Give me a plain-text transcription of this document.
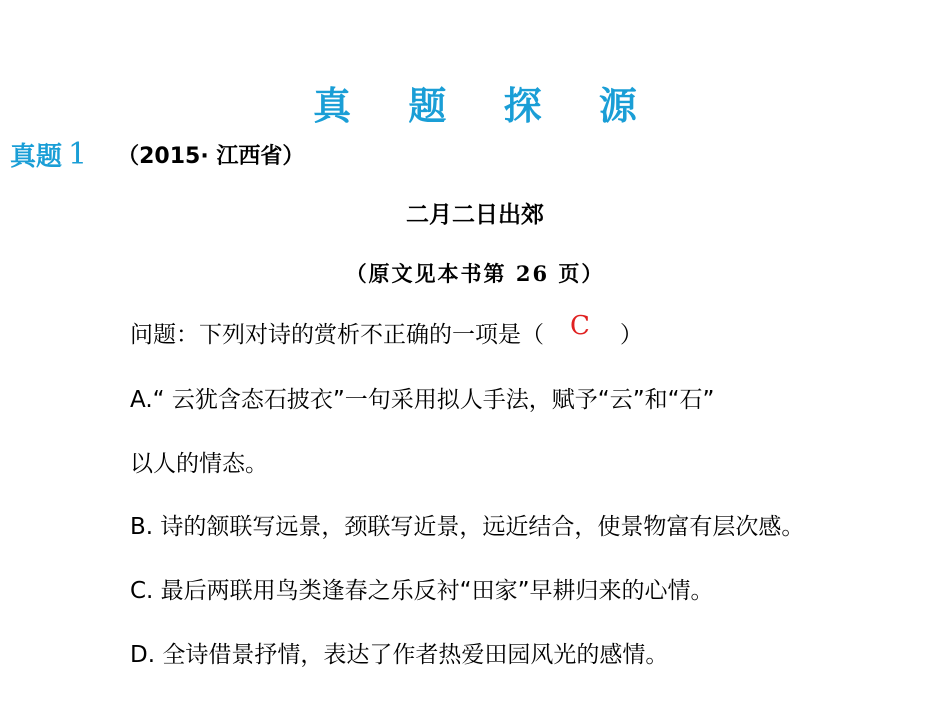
真 题 探 源
真题 1 （2015· 江西省）
二月二日出郊
（原文见本书第 26 页）
问题：下列对诗的赏析不正确的一项是（ C ）
A.“ 云犹含态石披衣”一句采用拟人手法，赋予“云”和“石”
以人的情态。
B. 诗的颔联写远景，颈联写近景，远近结合，使景物富有层次感。
C. 最后两联用鸟类逢春之乐反衬“田家”早耕归来的心情。
D. 全诗借景抒情，表达了作者热爱田园风光的感情。
